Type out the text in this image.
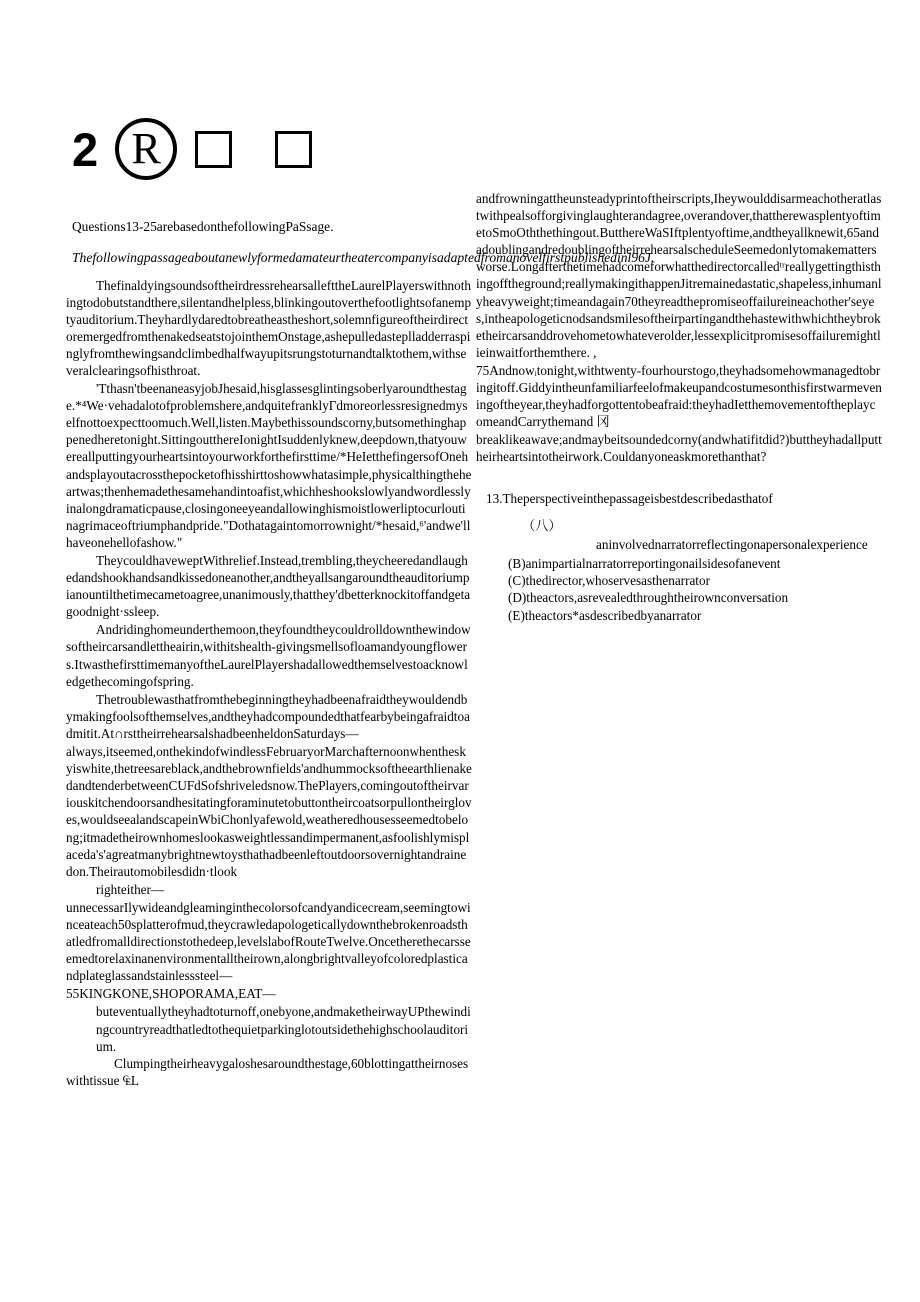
2 R
Questions13-25arebasedonthefollowingPaSsage.
Thefollowingpassageaboutanewlyformedamateurtheatercompanyisadaptedfromanovelfirstpublishedinl96J.

ThefinaldyingsoundsoftheirdressrehearsallefttheLaurelPlayerswithnothingtodobutstandthere,silentandhelpless,blinkingoutoverthefootlightsofanemptyauditorium.Theyhardlydaredtobreatheastheshort,solemnfigureoftheirdirectoremergedfromthenakedseatstojointhemOnstage,ashepulledasteplladderraspinglyfromthewingsandclimbedhalfwayupitsrungstoturnandtalktothem,withseveralclearingsofhisthroat.

'Tthasn'tbeenaneasyjobJhesaid,hisglassesglintingsoberlyaroundthestage.*⁴We·vehadalotofproblemshere,andquitefranklyΓdmoreorlessresignedmyselfnottoexpecttoomuch.Well,listen.Maybethissoundscorny,butsomethinghappenedheretonight.SittingoutthereIonightIsuddenlyknew,deepdown,thatyouwereallputtingyourheartsintoyourworkforthefirsttime/*HeIetthefingersofOnehandsplayoutacrossthepocketofhisshirttoshowwhatasimple,physicalthingtheheartwas;thenhemadethesamehandintoafist,whichheshookslowlyandwordlesslyinalongdramaticpause,closingoneeyeandallowinghismoistlowerliptocurloutinagrimaceoftriumphandpride."Dothatagaintomorrownight/*hesaid,⁶'andwe'llhaveonehellofashow."

TheycouldhaveweptWithrelief.Instead,trembling,theycheeredandlaughedandshookhandsandkissedoneanother,andtheyallsangaroundtheauditoriumpianountilthetimecametoagree,unanimously,thatthey'dbetterknockitoffandgetagoodnight·ssleep.

Andridinghomeunderthemoon,theyfoundtheycouldrolldownthewindowsoftheircarsandlettheairin,withitshealth-givingsmellsofloamandyoungflowers.ItwasthefirsttimemanyoftheLaurelPlayershadallowedthemselvestoacknowledgethecomingofspring.

Thetroublewasthatfromthebeginningtheyhadbeenafraidtheywouldendbymakingfoolsofthemselves,andtheyhadcompoundedthatfearbybeingafraidtoadmitit.At∩rsttheirrehearsalshadbeenheldonSaturdays—

always,itseemed,onthekindofwindlessFebruaryorMarchafternoonwhentheskyiswhite,thetreesareblack,andthebrownfields'andhummocksoftheearthlienakedandtenderbetweenCUFdSofshriveledsnow.ThePlayers,comingoutoftheirvariouskitchendoorsandhesitatingforaminutetobuttontheircoatsorpullontheirgloves,wouldseealandscapeinWbiChonlyafewold,weatheredhousesseemedtobelong;itmadetheirownhomeslookasweightlessandimpermanent,asfoolishlymisplaceda's'agreatmanybrightnewtoysthathadbeenleftoutdoorsovernightandrainedon.Theirautomobilesdidn·tlook

righteither—

unnecessarIlywideandgleaminginthecolorsofcandyandicecream,seemingtowinceateach50splatterofmud,theycrawledapologeticallydownthebrokenroadsthatledfromalldirectionstothedeep,levelslabofRouteTwelve.Oncetherethecarsseemedtorelaxinanenvironmentalltheirown,alongbrightvalleyofcoloredplasticandplateglassandstainlesssteel—

55KINGKONE,SHOPORAMA,EAT—

buteventuallytheyhadtoturnoff,onebyone,andmaketheirwayUPthewindingcountryreadthatledtothequietparkinglotoutsidethehighschoolauditorium.

Clumpingtheirheavygaloshesaroundthestage,60blottingattheirnoseswithtissue ₠L

andfrowningattheunsteadyprintoftheirscripts,Iheywoulddisarmeachotheratlastwithpealsofforgivinglaughterandagree,overandover,thattherewasplentyoftimetoSmoOththethingout.ButthereWaSIftplentyoftime,andtheyallknewit,65andadoublingandredoublingoftheirrehearsalscheduleSeemedonlytomakemattersworse.Longafterthetimehadcomeforwhatthedirectorcalledᵗʳreallygettingthisthingofftheground;reallymakingithappenJitremainedastatic,shapeless,inhumanlyheavyweight;timeandagain70theyreadthepromiseoffailureineachother'seyes,intheapologeticnodsandsmilesoftheirpartingandthehastewithwhichtheybroketheircarsanddrovehometowhateverolder,lessexplicitpromisesoffailuremightlieinwaitforthemthere. ,

75Andnowᵢtonight,withtwenty-fourhourstogo,theyhadsomehowmanagedtobringitoff.Giddyintheunfamiliarfeelofmakeupandcostumesonthisfirstwarmeveningoftheyear,theyhadforgottentobeafraid:theyhadIetthemovementoftheplaycomeandCarrythemand 冈

breaklikeawave;andmaybeitsoundedcorny(andwhatifitdid?)buttheyhadallputtheirheartsintotheirwork.Couldanyoneaskmorethanthat?

13.Theperspectiveinthepassageisbestdescribedasthatof

（八）

aninvolvednarratorreflectingonapersonalexperience

(B)animpartialnarratorreportingonailsidesofanevent

(C)thedirector,whoservesasthenarrator

(D)theactors,asrevealedthroughtheirownconversation

(E)theactors*asdescribedbyanarrator
